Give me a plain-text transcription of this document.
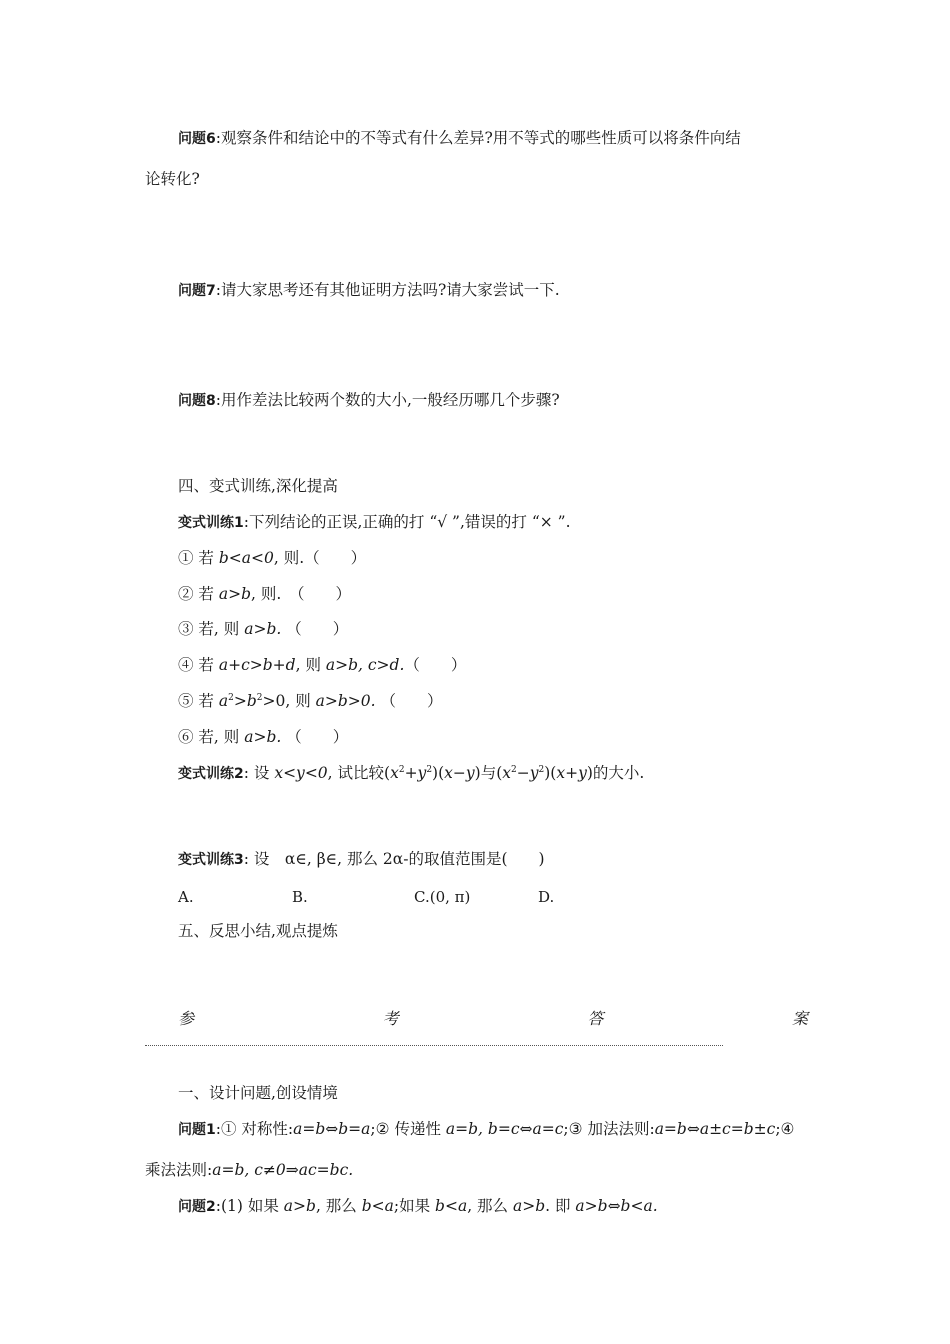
问题6:观察条件和结论中的不等式有什么差异?用不等式的哪些性质可以将条件向结
论转化?
问题7:请大家思考还有其他证明方法吗?请大家尝试一下.
问题8:用作差法比较两个数的大小,一般经历哪几个步骤?
四、变式训练,深化提高
变式训练1:下列结论的正误,正确的打 “√ ”,错误的打 “× ”.
① 若 b<a<0, 则.（　　）
② 若 a>b, 则.　（　　）
③ 若, 则 a>b. （　　）
④ 若 a+c>b+d, 则 a>b, c>d.（　　）
⑤ 若 $a^2>b^2>0$, 则 a>b>0. （　　）
⑥ 若, 则 a>b. （　　）
变式训练2: 设 x<y<0, 试比较$(x^2+y^2)(x-y)$与$(x^2-y^2)(x+y)$的大小.
变式训练3: 设　α∈, β∈, 那么 2α-的取值范围是(　　)
A.	B.	C.(0, π)	D.
五、反思小结,观点提炼
参	考	答	案
一、设计问题,创设情境
问题1:① 对称性:a=b⇔b=a;② 传递性 a=b, b=c⇔a=c;③ 加法法则:a=b⇔a±c=b±c;④
乘法法则:a=b, c≠0⇒ac=bc.
问题2:(1) 如果 a>b, 那么 b<a;如果 b<a, 那么 a>b. 即 a>b⇔b<a.
